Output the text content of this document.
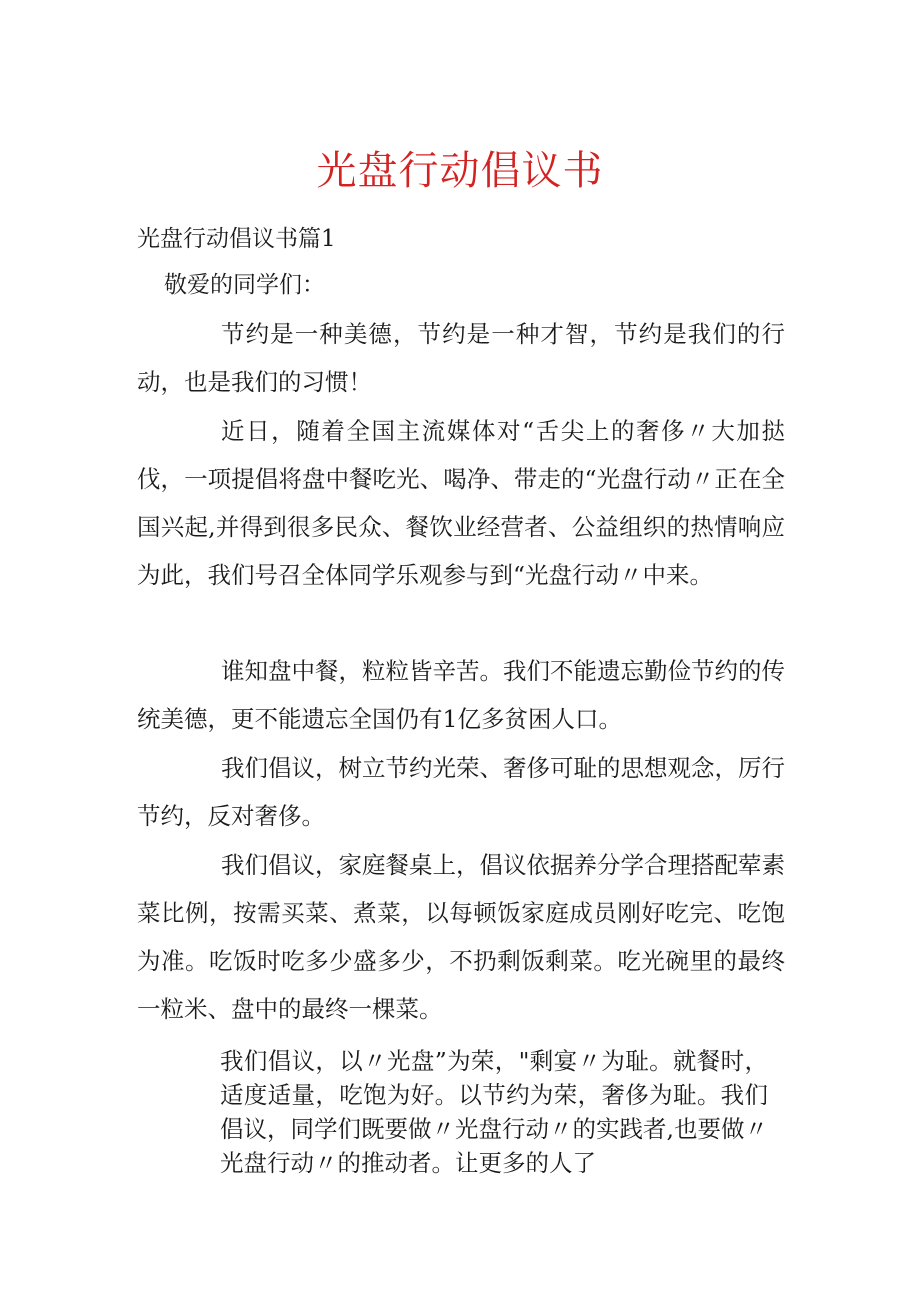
光盘行动倡议书
光盘行动倡议书篇1

敬爱的同学们：

节约是一种美德，节约是一种才智，节约是我们的行动，也是我们的习惯！

近日，随着全国主流媒体对“舌尖上的奢侈〃大加挞伐，一项提倡将盘中餐吃光、喝净、带走的“光盘行动〃正在全国兴起,并得到很多民众、餐饮业经营者、公益组织的热情响应为此，我们号召全体同学乐观参与到“光盘行动〃中来。

谁知盘中餐，粒粒皆辛苦。我们不能遗忘勤俭节约的传统美德，更不能遗忘全国仍有1亿多贫困人口。

我们倡议，树立节约光荣、奢侈可耻的思想观念，厉行节约，反对奢侈。

我们倡议，家庭餐桌上，倡议依据养分学合理搭配荤素菜比例，按需买菜、煮菜，以每顿饭家庭成员刚好吃完、吃饱为准。吃饭时吃多少盛多少，不扔剩饭剩菜。吃光碗里的最终一粒米、盘中的最终一棵菜。

我们倡议，以〃光盘”为荣，"剩宴〃为耻。就餐时，适度适量，吃饱为好。以节约为荣，奢侈为耻。我们倡议，同学们既要做〃光盘行动〃的实践者,也要做〃光盘行动〃的推动者。让更多的人了
